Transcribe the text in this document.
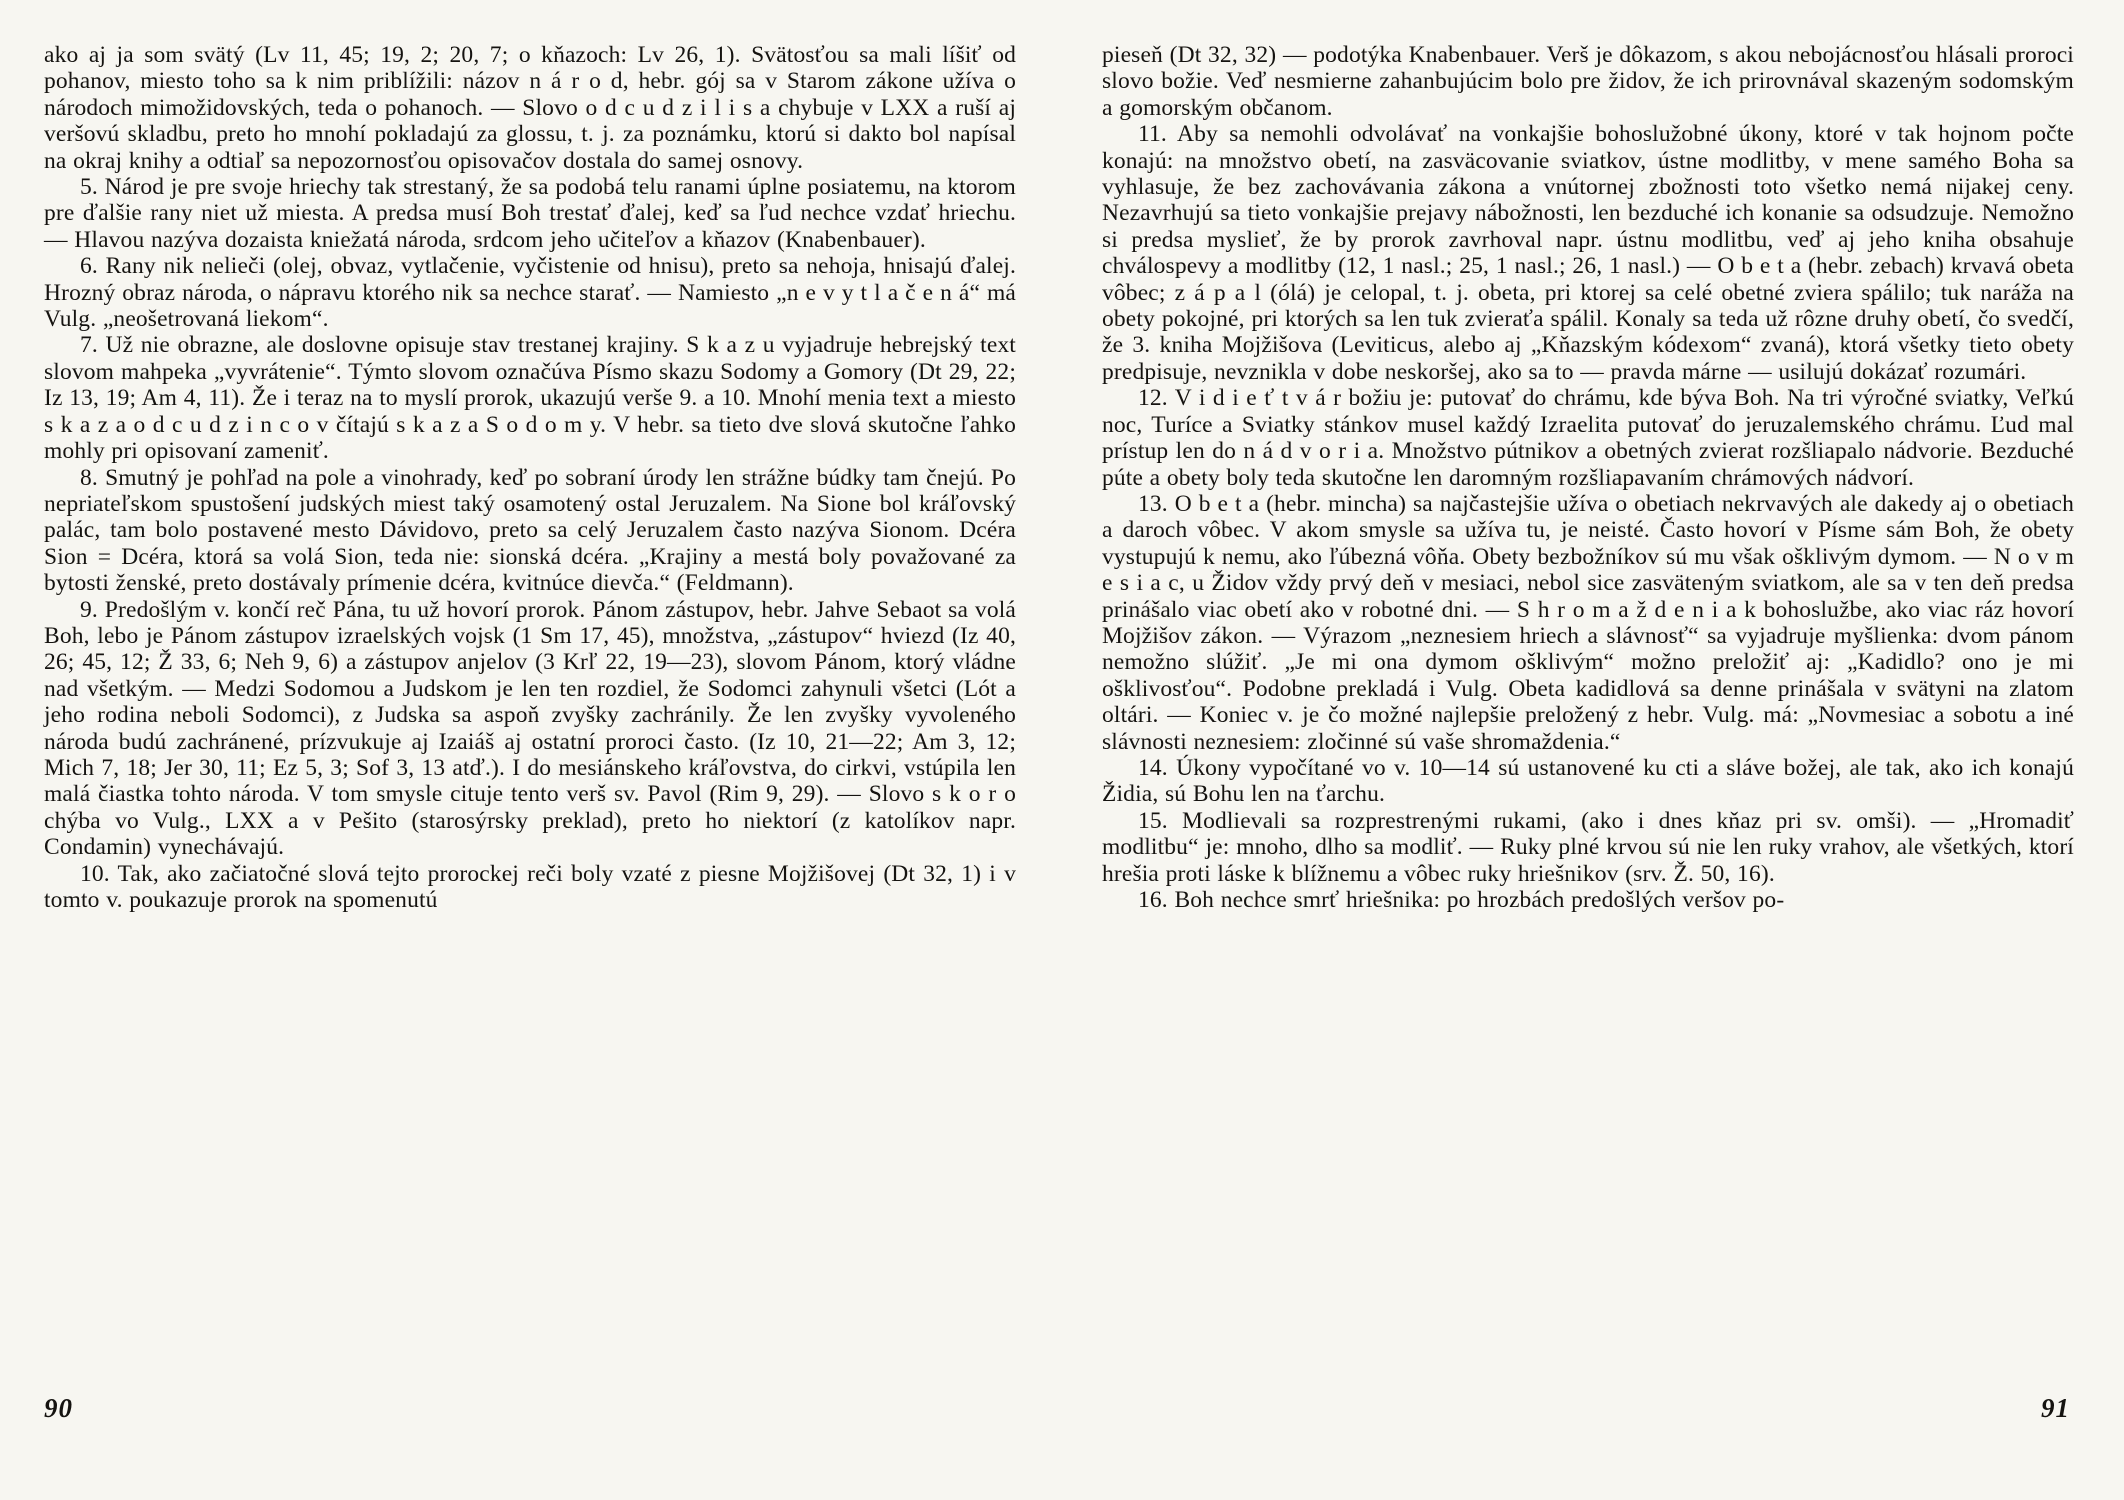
ako aj ja som svätý (Lv 11, 45; 19, 2; 20, 7; o kňazoch: Lv 26, 1). Svätosťou sa mali líšiť od pohanov, miesto toho sa k nim priblížili: názov n á r o d, hebr. gój sa v Starom zákone užíva o národoch mimožidovských, teda o pohanoch. — Slovo o d c u d z i l i s a chybuje v LXX a ruší aj veršovú skladbu, preto ho mnohí pokladajú za glossu, t. j. za poznámku, ktorú si dakto bol napísal na okraj knihy a odtiaľ sa nepozornosťou opisovačov dostala do samej osnovy.

5. Národ je pre svoje hriechy tak strestaný, že sa podobá telu ranami úplne posiatemu, na ktorom pre ďalšie rany niet už miesta. A predsa musí Boh trestať ďalej, keď sa ľud nechce vzdať hriechu. — Hlavou nazýva dozaista kniežatá národa, srdcom jeho učiteľov a kňazov (Knabenbauer).

6. Rany nik nelieči (olej, obvaz, vytlačenie, vyčistenie od hnisu), preto sa nehoja, hnisajú ďalej. Hrozný obraz národa, o nápravu ktorého nik sa nechce starať. — Namiesto „n e v y t l a č e n á“ má Vulg. „neošetrovaná liekom“.

7. Už nie obrazne, ale doslovne opisuje stav trestanej krajiny. S k a z u vyjadruje hebrejský text slovom mahpeka „vyvrátenie“. Týmto slovom označúva Písmo skazu Sodomy a Gomory (Dt 29, 22; Iz 13, 19; Am 4, 11). Že i teraz na to myslí prorok, ukazujú verše 9. a 10. Mnohí menia text a miesto s k a z a o d c u d z i n c o v čítajú s k a z a S o d o m y. V hebr. sa tieto dve slová skutočne ľahko mohly pri opisovaní zameniť.

8. Smutný je pohľad na pole a vinohrady, keď po sobraní úrody len strážne búdky tam čnejú. Po nepriateľskom spustošení judských miest taký osamotený ostal Jeruzalem. Na Sione bol kráľovský palác, tam bolo postavené mesto Dávidovo, preto sa celý Jeruzalem často nazýva Sionom. Dcéra Sion = Dcéra, ktorá sa volá Sion, teda nie: sionská dcéra. „Krajiny a mestá boly považované za bytosti ženské, preto dostávaly prímenie dcéra, kvitnúce dievča.“ (Feldmann).

9. Predošlým v. končí reč Pána, tu už hovorí prorok. Pánom zástupov, hebr. Jahve Sebaot sa volá Boh, lebo je Pánom zástupov izraelských vojsk (1 Sm 17, 45), množstva, „zástupov“ hviezd (Iz 40, 26; 45, 12; Ž 33, 6; Neh 9, 6) a zástupov anjelov (3 Krľ 22, 19—23), slovom Pánom, ktorý vládne nad všetkým. — Medzi Sodomou a Judskom je len ten rozdiel, že Sodomci zahynuli všetci (Lót a jeho rodina neboli Sodomci), z Judska sa aspoň zvyšky zachránily. Že len zvyšky vyvoleného národa budú zachránené, prízvukuje aj Izaiáš aj ostatní proroci často. (Iz 10, 21—22; Am 3, 12; Mich 7, 18; Jer 30, 11; Ez 5, 3; Sof 3, 13 atď.). I do mesiánskeho kráľovstva, do cirkvi, vstúpila len malá čiastka tohto národa. V tom smysle cituje tento verš sv. Pavol (Rim 9, 29). — Slovo s k o r o chýba vo Vulg., LXX a v Pešito (starosýrsky preklad), preto ho niektorí (z katolíkov napr. Condamin) vynechávajú.

10. Tak, ako začiatočné slová tejto prorockej reči boly vzaté z piesne Mojžišovej (Dt 32, 1) i v tomto v. poukazuje prorok na spomenutú

pieseň (Dt 32, 32) — podotýka Knabenbauer. Verš je dôkazom, s akou nebojácnosťou hlásali proroci slovo božie. Veď nesmierne zahanbujúcim bolo pre židov, že ich prirovnával skazeným sodomským a gomorským občanom.

11. Aby sa nemohli odvolávať na vonkajšie bohoslužobné úkony, ktoré v tak hojnom počte konajú: na množstvo obetí, na zasväcovanie sviatkov, ústne modlitby, v mene samého Boha sa vyhlasuje, že bez zachovávania zákona a vnútornej zbožnosti toto všetko nemá nijakej ceny. Nezavrhujú sa tieto vonkajšie prejavy nábožnosti, len bezduché ich konanie sa odsudzuje. Nemožno si predsa myslieť, že by prorok zavrhoval napr. ústnu modlitbu, veď aj jeho kniha obsahuje chválospevy a modlitby (12, 1 nasl.; 25, 1 nasl.; 26, 1 nasl.) — O b e t a (hebr. zebach) krvavá obeta vôbec; z á p a l (ólá) je celopal, t. j. obeta, pri ktorej sa celé obetné zviera spálilo; tuk naráža na obety pokojné, pri ktorých sa len tuk zvieraťa spálil. Konaly sa teda už rôzne druhy obetí, čo svedčí, že 3. kniha Mojžišova (Leviticus, alebo aj „Kňazským kódexom“ zvaná), ktorá všetky tieto obety predpisuje, nevznikla v dobe neskoršej, ako sa to — pravda márne — usilujú dokázať rozumári.

12. V i d i e ť t v á r božiu je: putovať do chrámu, kde býva Boh. Na tri výročné sviatky, Veľkú noc, Turíce a Sviatky stánkov musel každý Izraelita putovať do jeruzalemského chrámu. Ľud mal prístup len do n á d v o r i a. Množstvo pútnikov a obetných zvierat rozšliapalo nádvorie. Bezduché púte a obety boly teda skutočne len daromným rozšliapavaním chrámových nádvorí.

13. O b e t a (hebr. mincha) sa najčastejšie užíva o obetiach nekrvavých ale dakedy aj o obetiach a daroch vôbec. V akom smysle sa užíva tu, je neisté. Často hovorí v Písme sám Boh, že obety vystupujú k nemu, ako ľúbezná vôňa. Obety bezbožníkov sú mu však ošklivým dymom. — N o v m e s i a c, u Židov vždy prvý deň v mesiaci, nebol sice zasväteným sviatkom, ale sa v ten deň predsa prinášalo viac obetí ako v robotné dni. — S h r o m a ž d e n i a k bohoslužbe, ako viac ráz hovorí Mojžišov zákon. — Výrazom „neznesiem hriech a slávnosť“ sa vyjadruje myšlienka: dvom pánom nemožno slúžiť. „Je mi ona dymom ošklivým“ možno preložiť aj: „Kadidlo? ono je mi ošklivosťou“. Podobne prekladá i Vulg. Obeta kadidlová sa denne prinášala v svätyni na zlatom oltári. — Koniec v. je čo možné najlepšie preložený z hebr. Vulg. má: „Novmesiac a sobotu a iné slávnosti neznesiem: zločinné sú vaše shromaždenia.“

14. Úkony vypočítané vo v. 10—14 sú ustanovené ku cti a sláve božej, ale tak, ako ich konajú Židia, sú Bohu len na ťarchu.

15. Modlievali sa rozprestrenými rukami, (ako i dnes kňaz pri sv. omši). — „Hromadiť modlitbu“ je: mnoho, dlho sa modliť. — Ruky plné krvou sú nie len ruky vrahov, ale všetkých, ktorí hrešia proti láske k blížnemu a vôbec ruky hriešnikov (srv. Ž. 50, 16).

16. Boh nechce smrť hriešnika: po hrozbách predošlých veršov po-

90	91
